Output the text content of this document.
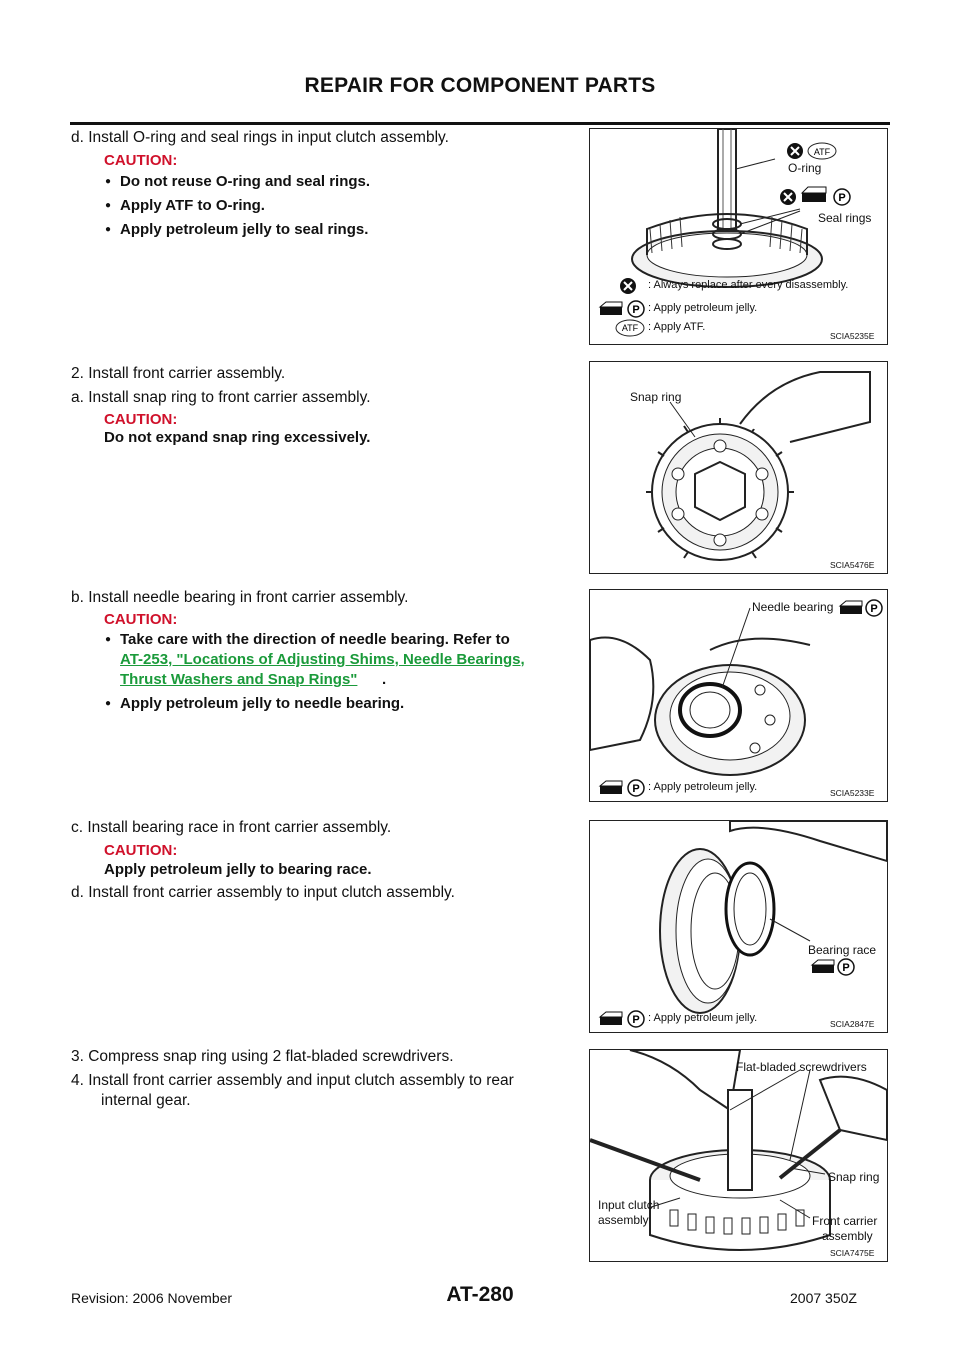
REPAIR FOR COMPONENT PARTS
d. Install O-ring and seal rings in input clutch assembly.
CAUTION:
● Do not reuse O-ring and seal rings.
● Apply ATF to O-ring.
● Apply petroleum jelly to seal rings.
ATF
P
P
ATF
O-ring
Seal rings
: Always replace after every disassembly.
: Apply petroleum jelly.
: Apply ATF.
SCIA5235E
2. Install front carrier assembly.
a. Install snap ring to front carrier assembly.
CAUTION:
Do not expand snap ring excessively.
Snap ring
SCIA5476E
b. Install needle bearing in front carrier assembly.
CAUTION:
● Take care with the direction of needle bearing. Refer to
AT-253, "Locations of Adjusting Shims, Needle Bearings,
Thrust Washers and Snap Rings" .
● Apply petroleum jelly to needle bearing.
P
P
Needle bearing
: Apply petroleum jelly.	SCIA5233E
c. Install bearing race in front carrier assembly.
CAUTION:
Apply petroleum jelly to bearing race.
d. Install front carrier assembly to input clutch assembly.
P
P
Bearing race
: Apply petroleum jelly.	SCIA2847E
3. Compress snap ring using 2 flat-bladed screwdrivers.
4. Install front carrier assembly and input clutch assembly to rear
internal gear.
Flat-bladed screwdrivers
Snap ring
Input clutch
assembly	Front carrier
assembly
SCIA7475E
AT-280
Revision: 2006 November	2007 350Z
